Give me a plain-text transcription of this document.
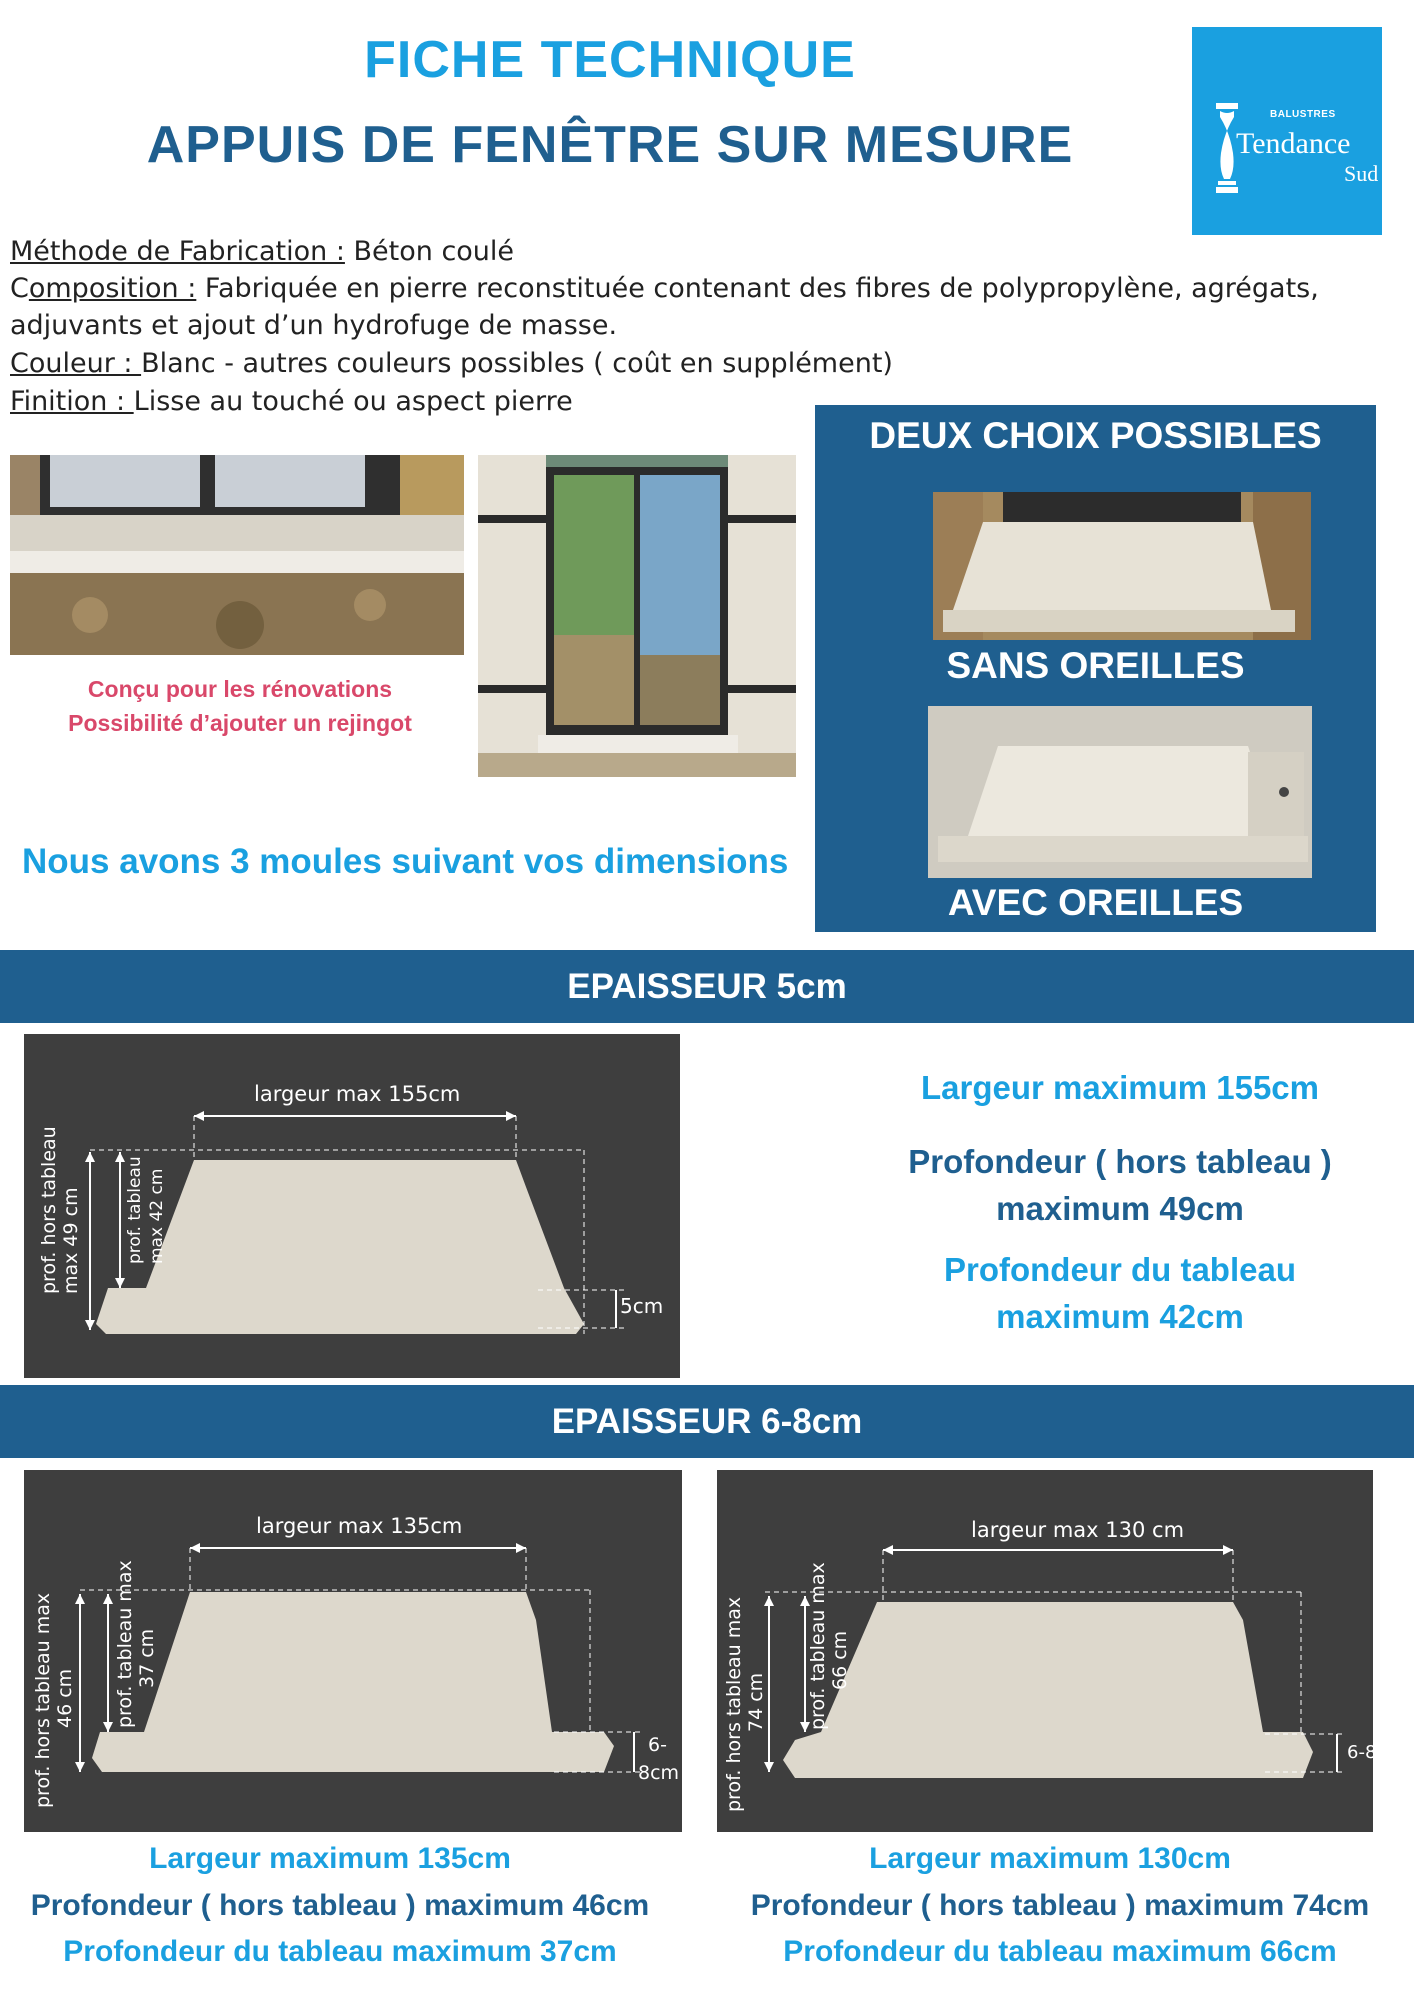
FICHE TECHNIQUE
APPUIS DE FENÊTRE SUR MESURE
BALUSTRES
Tendance
Sud
Méthode de Fabrication : Béton coulé
Composition : Fabriquée en pierre reconstituée contenant des fibres de polypropylène, agrégats,
adjuvants et ajout d’un hydrofuge de masse.
Couleur : Blanc - autres couleurs possibles ( coût en supplément)
Finition : Lisse au touché ou aspect pierre
Conçu pour les rénovations
Possibilité d’ajouter un rejingot
Nous avons 3 moules suivant vos dimensions
DEUX CHOIX POSSIBLES
SANS OREILLES
AVEC OREILLES
EPAISSEUR 5cm
largeur max 155cm
prof. hors tableau
max 49 cm	prof. tableau max 42 cm
5cm
Largeur maximum 155cm
Profondeur ( hors tableau )
maximum 49cm
Profondeur du tableau
maximum 42cm
EPAISSEUR 6-8cm
largeur max 135cm
prof. hors tableau max
46 cm prof. tableau max
37 cm
6-
8cm
largeur max 130 cm
prof. hors tableau max
74 cm prof. tableau max
66 cm
6-8cm
Largeur maximum 135cm
Profondeur ( hors tableau ) maximum 46cm
Profondeur du tableau maximum 37cm
Largeur maximum 130cm
Profondeur ( hors tableau ) maximum 74cm
Profondeur du tableau maximum 66cm
